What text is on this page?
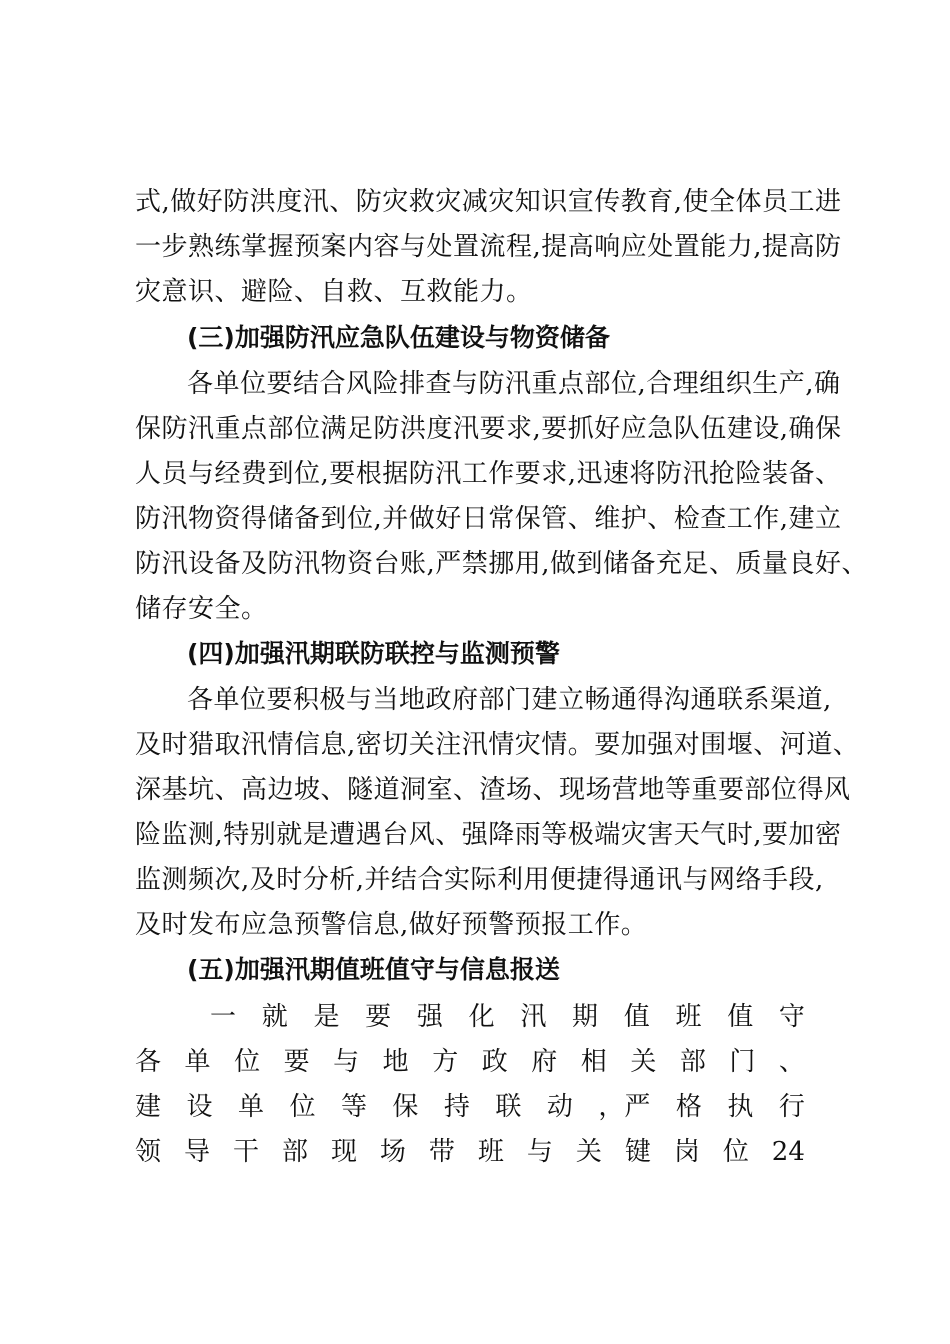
式,做好防洪度汛、防灾救灾减灾知识宣传教育,使全体员工进
一步熟练掌握预案内容与处置流程,提高响应处置能力,提高防
灾意识、避险、自救、互救能力。
(三)加强防汛应急队伍建设与物资储备
各单位要结合风险排查与防汛重点部位,合理组织生产,确
保防汛重点部位满足防洪度汛要求,要抓好应急队伍建设,确保
人员与经费到位,要根据防汛工作要求,迅速将防汛抢险装备、
防汛物资得储备到位,并做好日常保管、维护、检查工作,建立
防汛设备及防汛物资台账,严禁挪用,做到储备充足、质量良好、
储存安全。
(四)加强汛期联防联控与监测预警
各单位要积极与当地政府部门建立畅通得沟通联系渠道,
及时猎取汛情信息,密切关注汛情灾情。要加强对围堰、河道、
深基坑、高边坡、隧道洞室、渣场、现场营地等重要部位得风
险监测,特别就是遭遇台风、强降雨等极端灾害天气时,要加密
监测频次,及时分析,并结合实际利用便捷得通讯与网络手段,
及时发布应急预警信息,做好预警预报工作。
(五)加强汛期值班值守与信息报送
一 就 是 要 强 化 汛 期 值 班 值 守
各 单 位 要 与 地 方 政 府 相 关 部 门 、
建 设 单 位 等 保 持 联 动 ，严 格 执 行
领 导 干 部 现 场 带 班 与 关 键 岗 位 24
